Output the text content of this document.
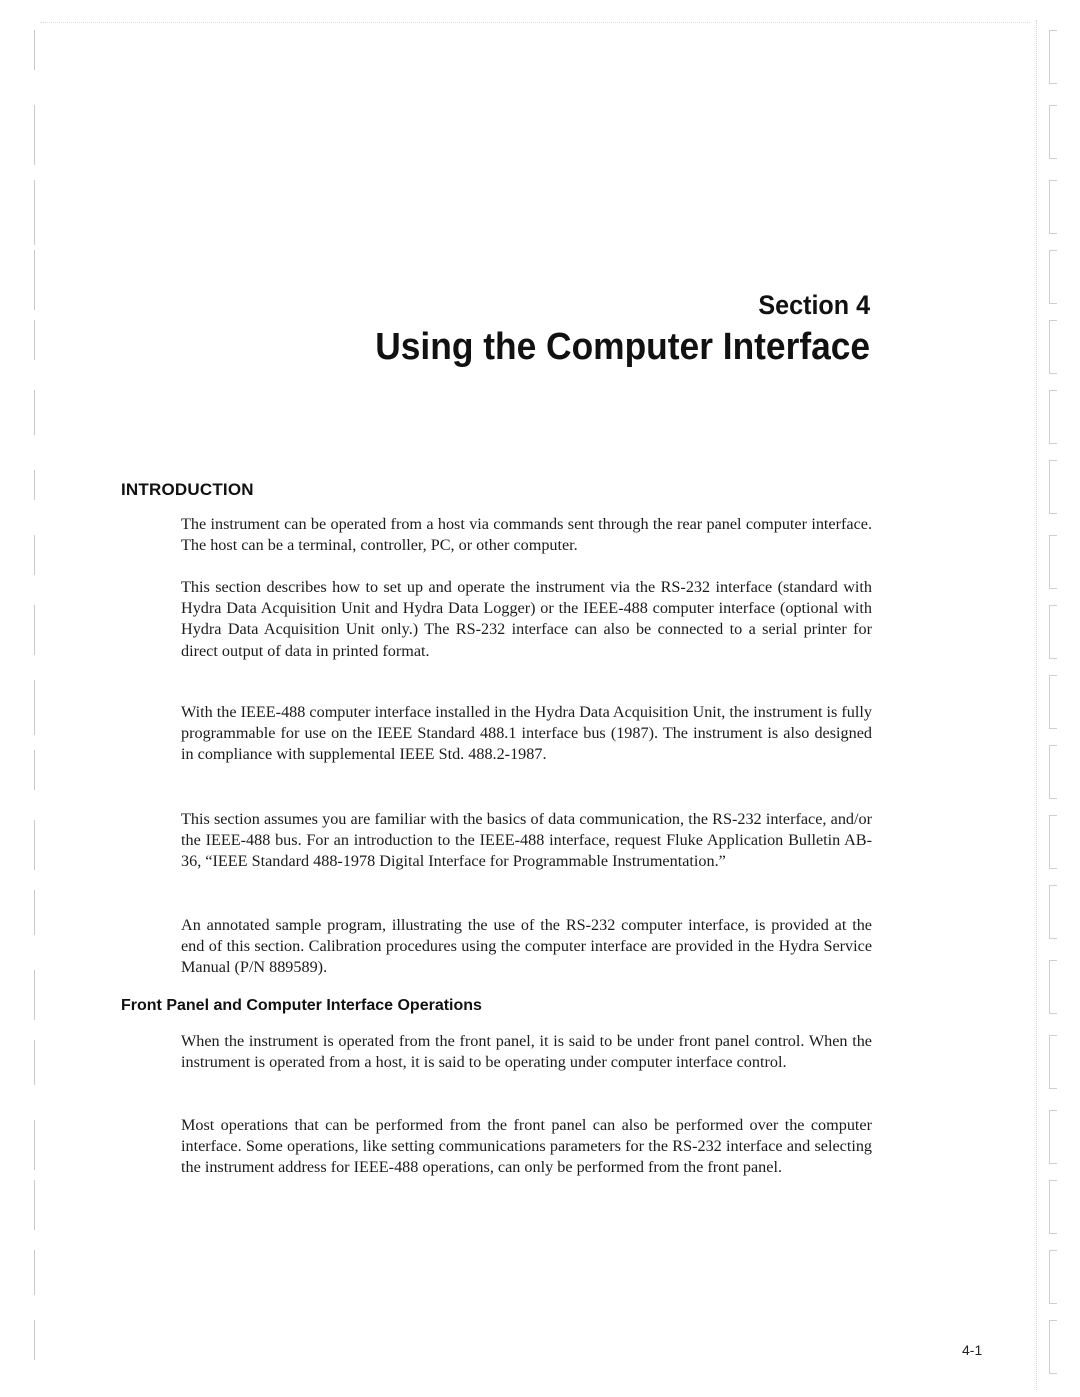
Section 4
Using the Computer Interface
INTRODUCTION

The instrument can be operated from a host via commands sent through the rear panel computer interface. The host can be a terminal, controller, PC, or other computer.

This section describes how to set up and operate the instrument via the RS-232 interface (standard with Hydra Data Acquisition Unit and Hydra Data Logger) or the IEEE-488 computer interface (optional with Hydra Data Acquisition Unit only.) The RS-232 interface can also be connected to a serial printer for direct output of data in printed format.

With the IEEE-488 computer interface installed in the Hydra Data Acquisition Unit, the instrument is fully programmable for use on the IEEE Standard 488.1 interface bus (1987). The instrument is also designed in compliance with supplemental IEEE Std. 488.2-1987.

This section assumes you are familiar with the basics of data communication, the RS-232 interface, and/or the IEEE-488 bus. For an introduction to the IEEE-488 interface, request Fluke Application Bulletin AB-36, “IEEE Standard 488-1978 Digital Interface for Programmable Instrumentation.”

An annotated sample program, illustrating the use of the RS-232 computer interface, is provided at the end of this section. Calibration procedures using the computer interface are provided in the Hydra Service Manual (P/N 889589).

Front Panel and Computer Interface Operations

When the instrument is operated from the front panel, it is said to be under front panel control. When the instrument is operated from a host, it is said to be operating under computer interface control.

Most operations that can be performed from the front panel can also be performed over the computer interface. Some operations, like setting communications parameters for the RS-232 interface and selecting the instrument address for IEEE-488 operations, can only be performed from the front panel.

4-1
